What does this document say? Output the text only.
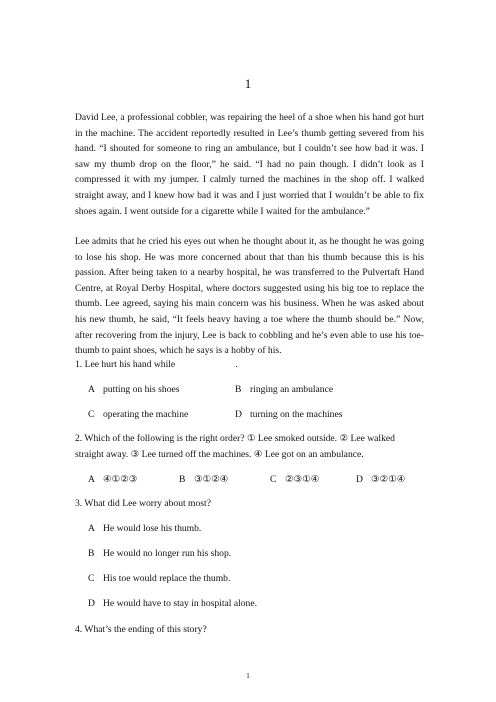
1

David Lee, a professional cobbler, was repairing the heel of a shoe when his hand got hurt in the machine. The accident reportedly resulted in Lee’s thumb getting severed from his hand. “I shouted for someone to ring an ambulance, but I couldn’t see how bad it was. I saw my thumb drop on the floor,” he said. “I had no pain though. I didn’t look as I compressed it with my jumper. I calmly turned the machines in the shop off. I walked straight away, and I knew how bad it was and I just worried that I wouldn’t be able to fix shoes again. I went outside for a cigarette while I waited for the ambulance.”

Lee admits that he cried his eyes out when he thought about it, as he thought he was going to lose his shop. He was more concerned about that than his thumb because this is his passion. After being taken to a nearby hospital, he was transferred to the Pulvertaft Hand Centre, at Royal Derby Hospital, where doctors suggested using his big toe to replace the thumb. Lee agreed, saying his main concern was his business. When he was asked about his new thumb, he said, “It feels heavy having a toe where the thumb should be.” Now, after recovering from the injury, Lee is back to cobbling and he’s even able to use his toe-thumb to paint shoes, which he says is a hobby of his.

1. Lee hurt his hand while	.

A putting on his shoes	B ringing an ambulance

C operating the machine	D turning on the machines

2. Which of the following is the right order? ① Lee smoked outside. ② Lee walked straight away. ③ Lee turned off the machines. ④ Lee got on an ambulance.

A ④①②③	B ③①②④	C ②③①④	D ③②①④

3. What did Lee worry about most?

A He would lose his thumb.

B He would no longer run his shop.

C His toe would replace the thumb.

D He would have to stay in hospital alone.

4. What’s the ending of this story?

1
